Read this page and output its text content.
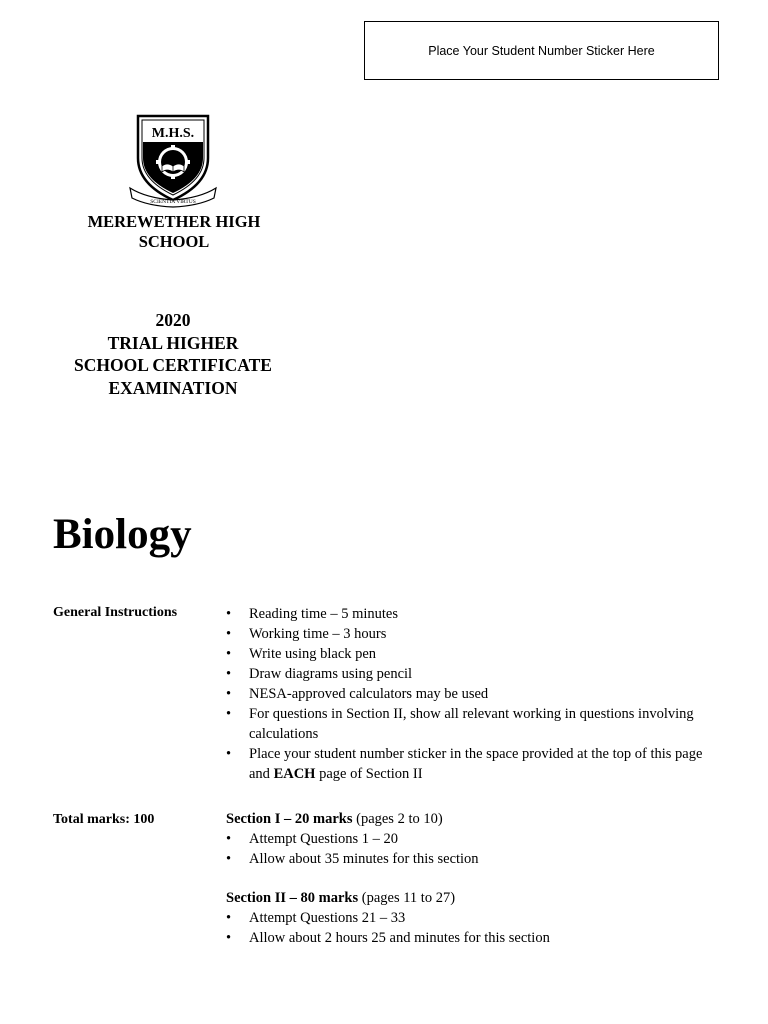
Place Your Student Number Sticker Here
M.H.S.
SCIENTIA VIRTUS
MEREWETHER HIGH
SCHOOL
2020
TRIAL HIGHER
SCHOOL CERTIFICATE
EXAMINATION
Biology
General Instructions
•	Reading time – 5 minutes
• Working time – 3 hours
• Write using black pen
• Draw diagrams using pencil
• NESA-approved calculators may be used
• For questions in Section II, show all relevant working in questions involving calculations
• Place your student number sticker in the space provided at the top of this page and EACH page of Section II
Total marks: 100	Section I – 20 marks (pages 2 to 10)
• Attempt Questions 1 – 20
• Allow about 35 minutes for this section
Section II – 80 marks (pages 11 to 27)
• Attempt Questions 21 – 33
• Allow about 2 hours 25 and minutes for this section
